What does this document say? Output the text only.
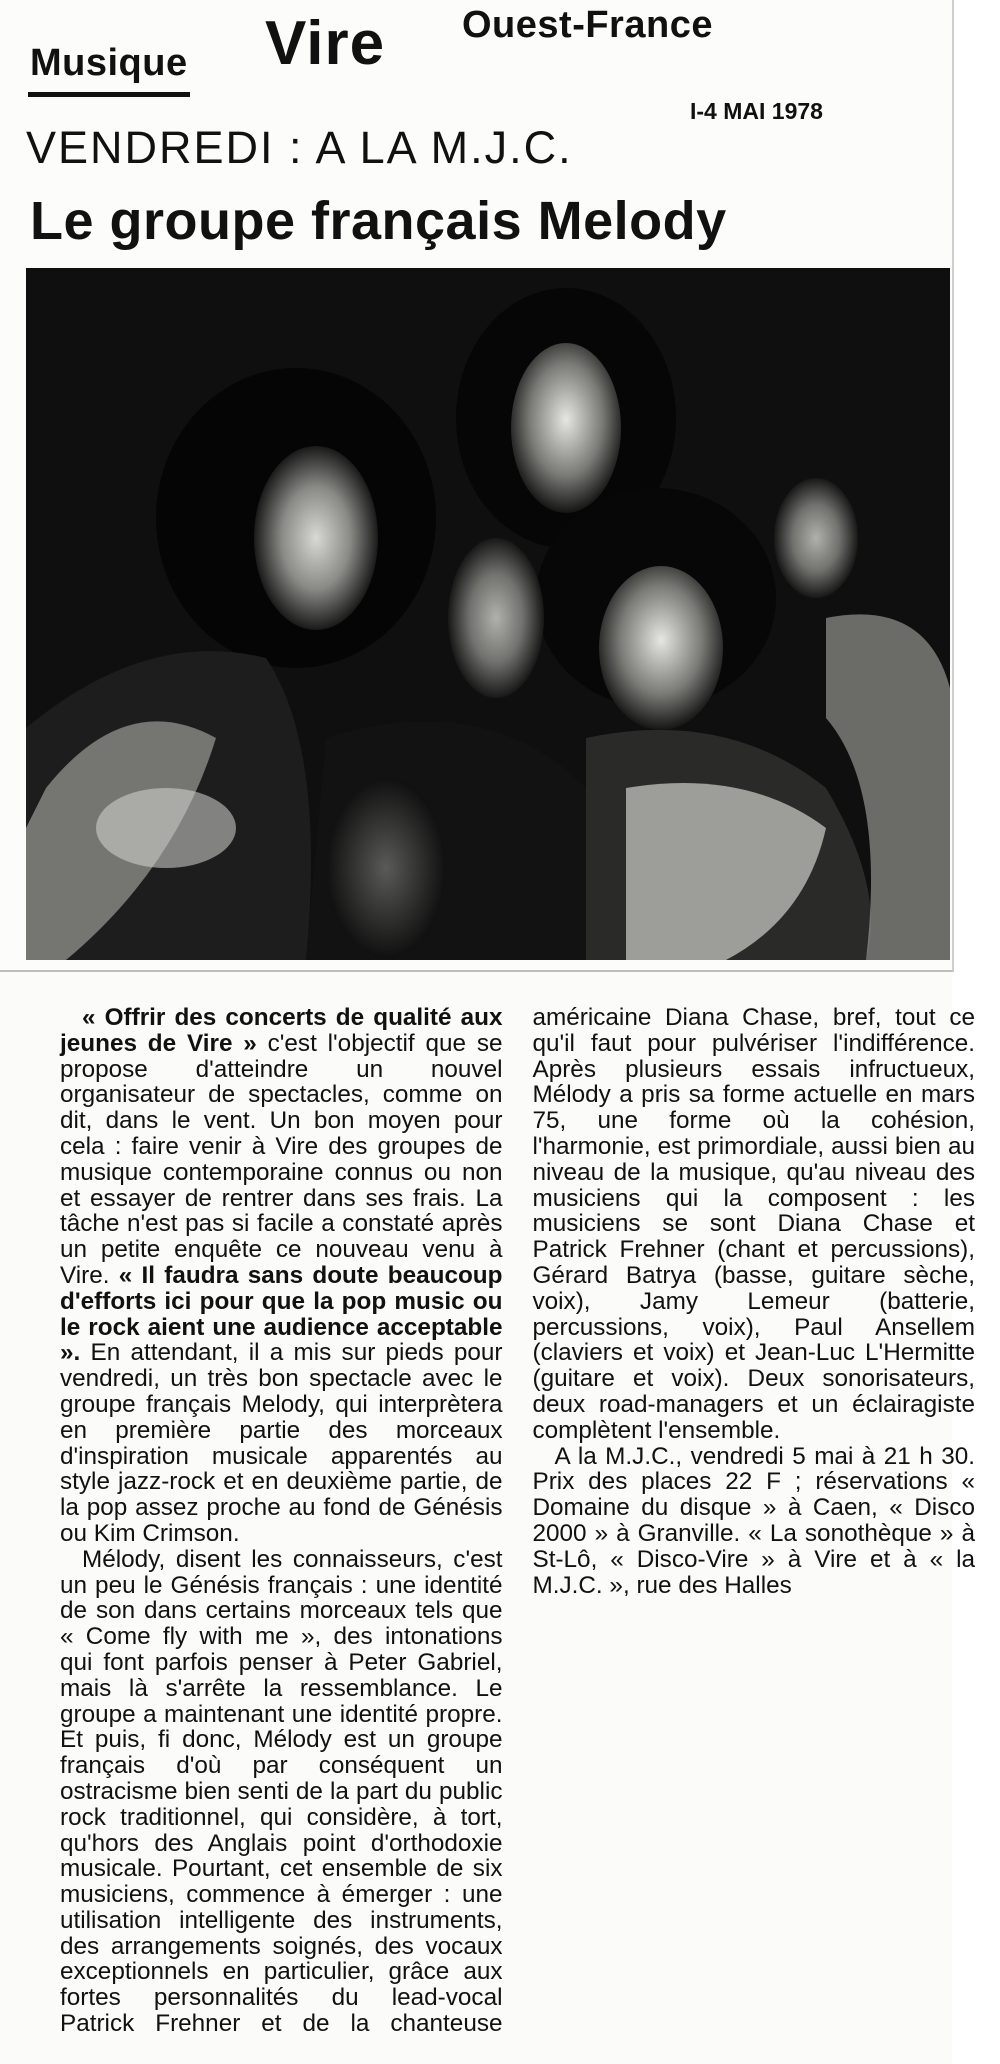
Musique Vire Ouest-France
I-4 MAI 1978
VENDREDI : A LA M.J.C.
Le groupe français Melody

« Offrir des concerts de qualité aux jeunes de Vire » c'est l'objectif que se propose d'atteindre un nouvel organisateur de spectacles, comme on dit, dans le vent. Un bon moyen pour cela : faire venir à Vire des groupes de musique contemporaine connus ou non et essayer de rentrer dans ses frais. La tâche n'est pas si facile a constaté après un petite enquête ce nouveau venu à Vire. « Il faudra sans doute beaucoup d'efforts ici pour que la pop music ou le rock aient une audience acceptable ». En attendant, il a mis sur pieds pour vendredi, un très bon spectacle avec le groupe français Melody, qui interprètera en première partie des morceaux d'inspiration musicale apparentés au style jazz-rock et en deuxième partie, de la pop assez proche au fond de Génésis ou Kim Crimson.

Mélody, disent les connaisseurs, c'est un peu le Génésis français : une identité de son dans certains morceaux tels que « Come fly with me », des intonations qui font parfois penser à Peter Gabriel, mais là s'arrête la ressemblance. Le groupe a maintenant une identité propre. Et puis, fi donc, Mélody est un groupe français d'où par conséquent un ostracisme bien senti de la part du public rock traditionnel, qui considère, à tort, qu'hors des Anglais point d'orthodoxie musicale. Pourtant, cet ensemble de six musiciens, commence à émerger : une utilisation intelligente des instruments, des arrangements soignés, des vocaux exceptionnels en particulier, grâce aux fortes personnalités du lead-vocal Patrick Frehner et de la chanteuse américaine Diana Chase, bref, tout ce qu'il faut pour pulvériser l'indifférence. Après plusieurs essais infructueux, Mélody a pris sa forme actuelle en mars 75, une forme où la cohésion, l'harmonie, est primordiale, aussi bien au niveau de la musique, qu'au niveau des musiciens qui la composent : les musiciens se sont Diana Chase et Patrick Frehner (chant et percussions), Gérard Batrya (basse, guitare sèche, voix), Jamy Lemeur (batterie, percussions, voix), Paul Ansellem (claviers et voix) et Jean-Luc L'Hermitte (guitare et voix). Deux sonorisateurs, deux road-managers et un éclairagiste complètent l'ensemble.

A la M.J.C., vendredi 5 mai à 21 h 30. Prix des places 22 F ; réservations « Domaine du disque » à Caen, « Disco 2000 » à Granville. « La sonothèque » à St-Lô, « Disco-Vire » à Vire et à « la M.J.C. », rue des Halles
